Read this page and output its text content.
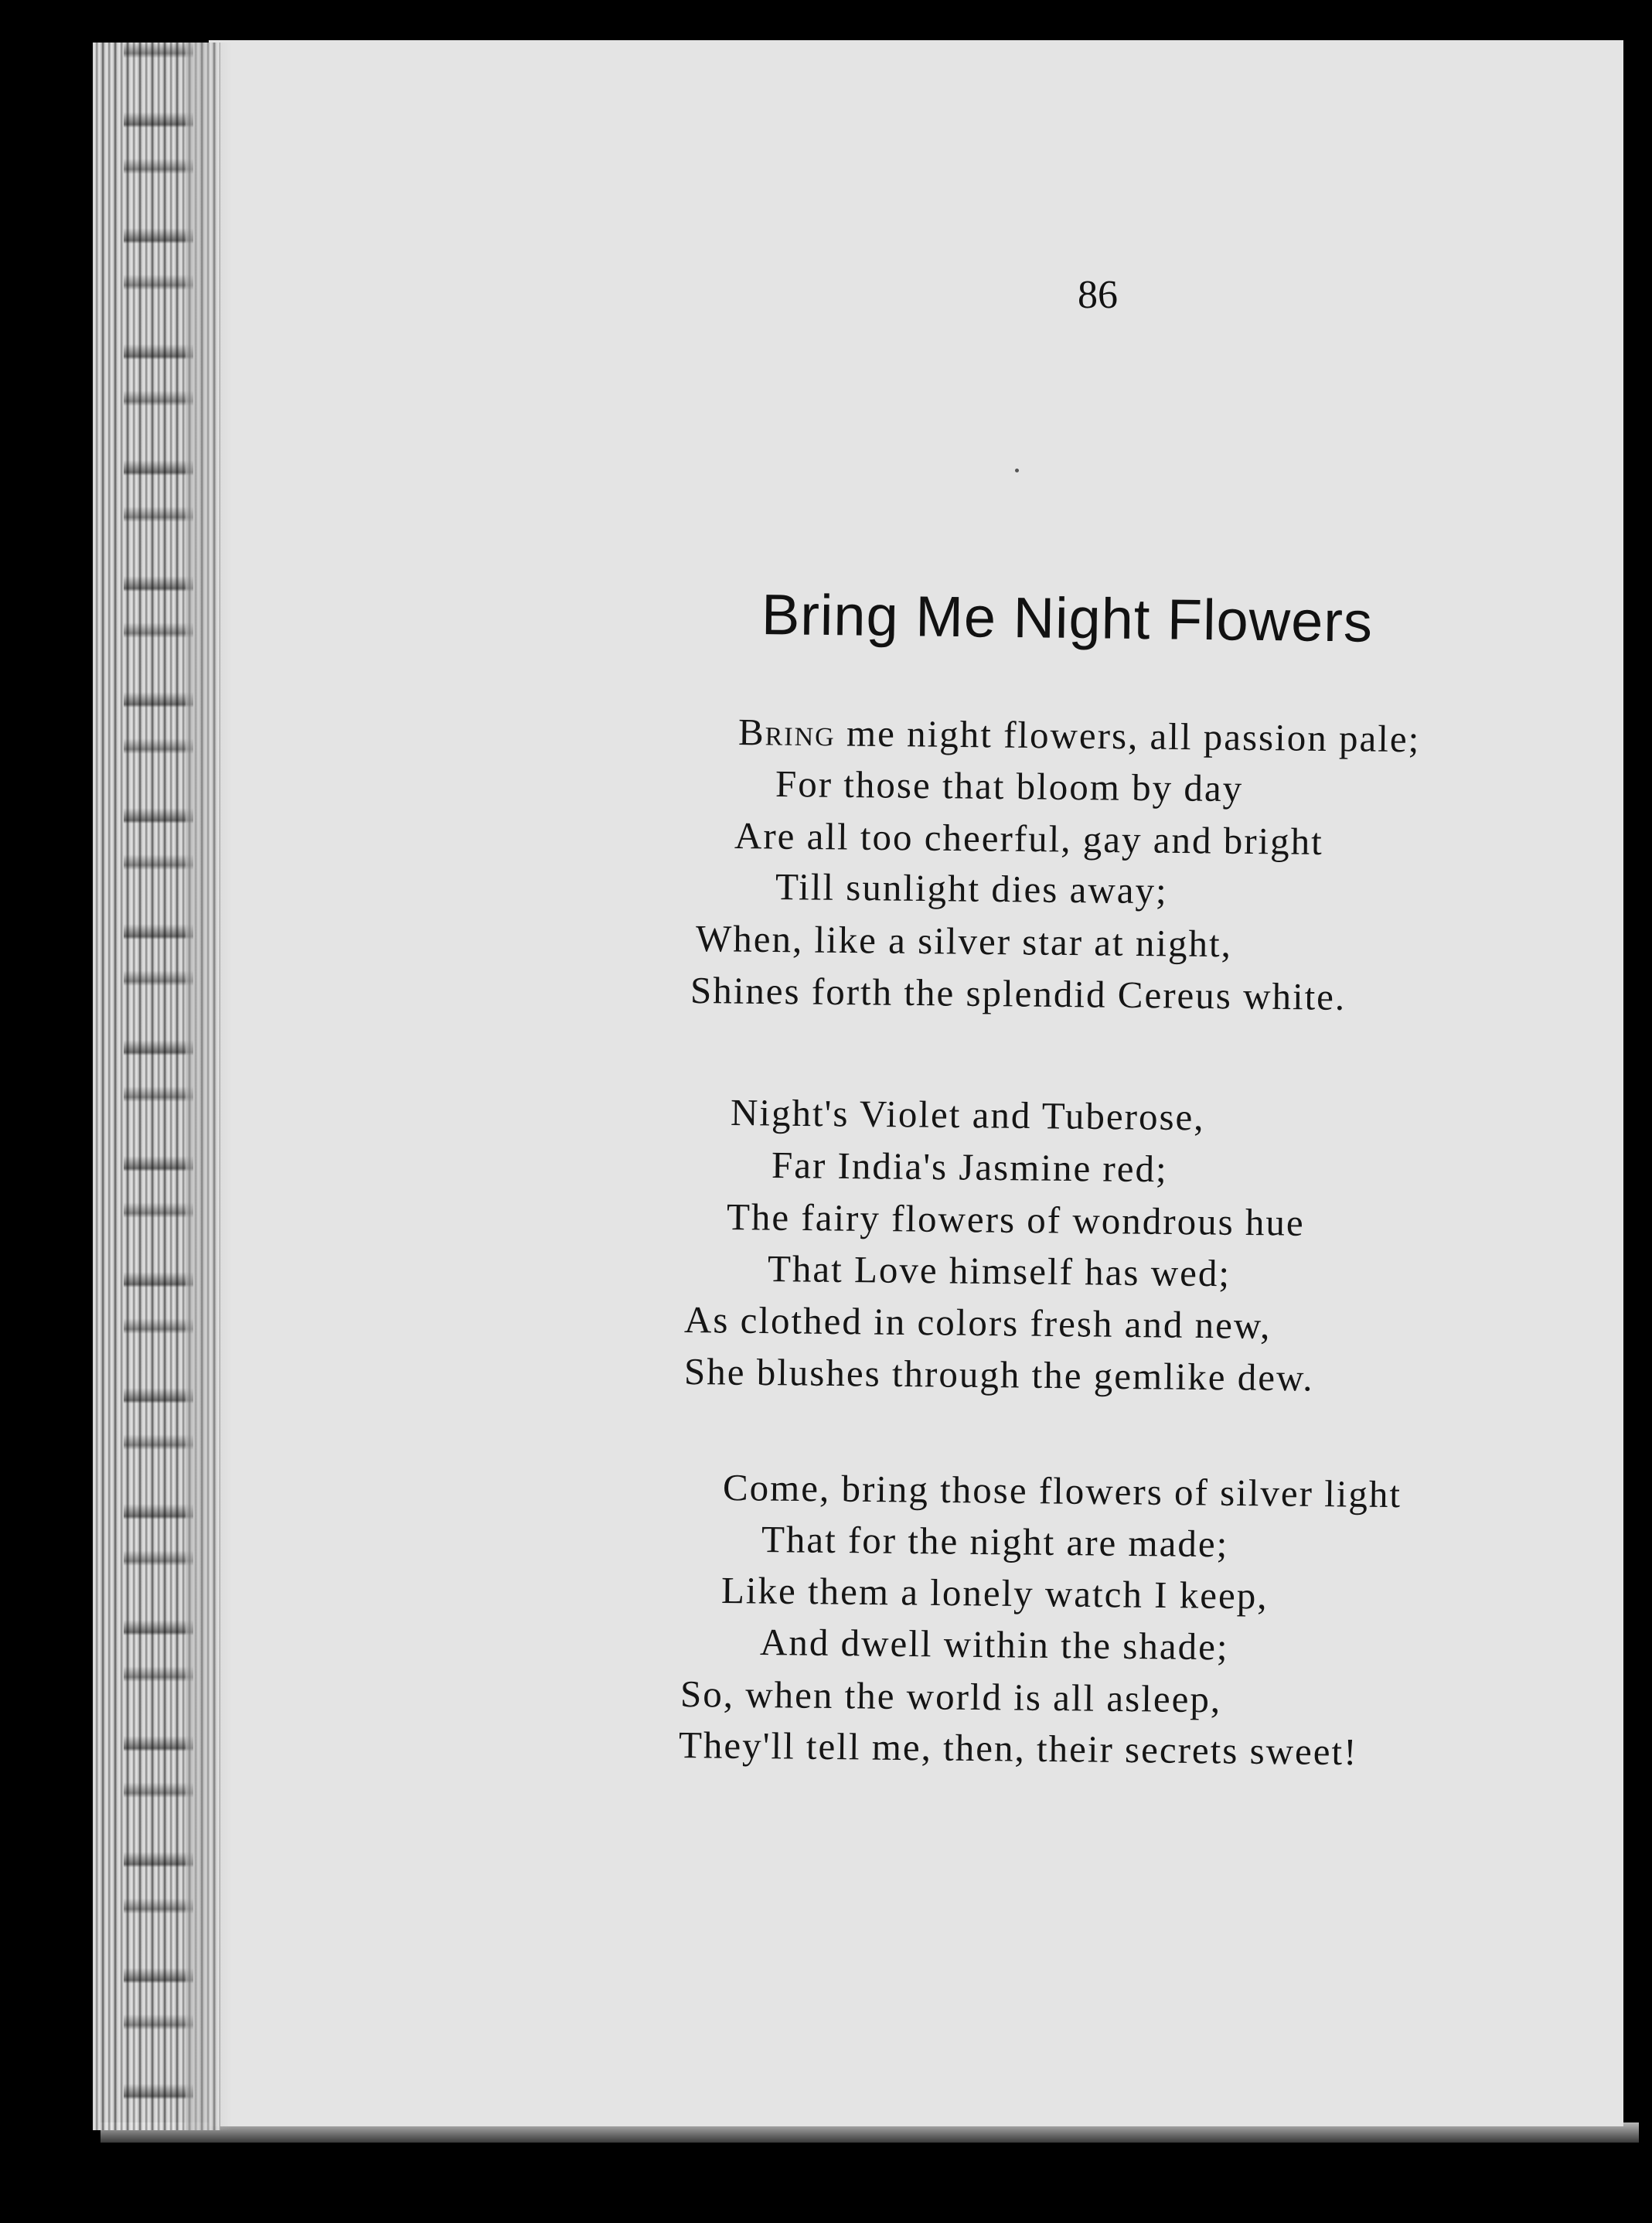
86
Bring Me Night Flowers
Bring me night flowers, all passion pale;
For those that bloom by day
Are all too cheerful, gay and bright
Till sunlight dies away;
When, like a silver star at night,
Shines forth the splendid Cereus white.
Night's Violet and Tuberose,
Far India's Jasmine red;
The fairy flowers of wondrous hue
That Love himself has wed;
As clothed in colors fresh and new,
She blushes through the gemlike dew.
Come, bring those flowers of silver light
That for the night are made;
Like them a lonely watch I keep,
And dwell within the shade;
So, when the world is all asleep,
They'll tell me, then, their secrets sweet!
